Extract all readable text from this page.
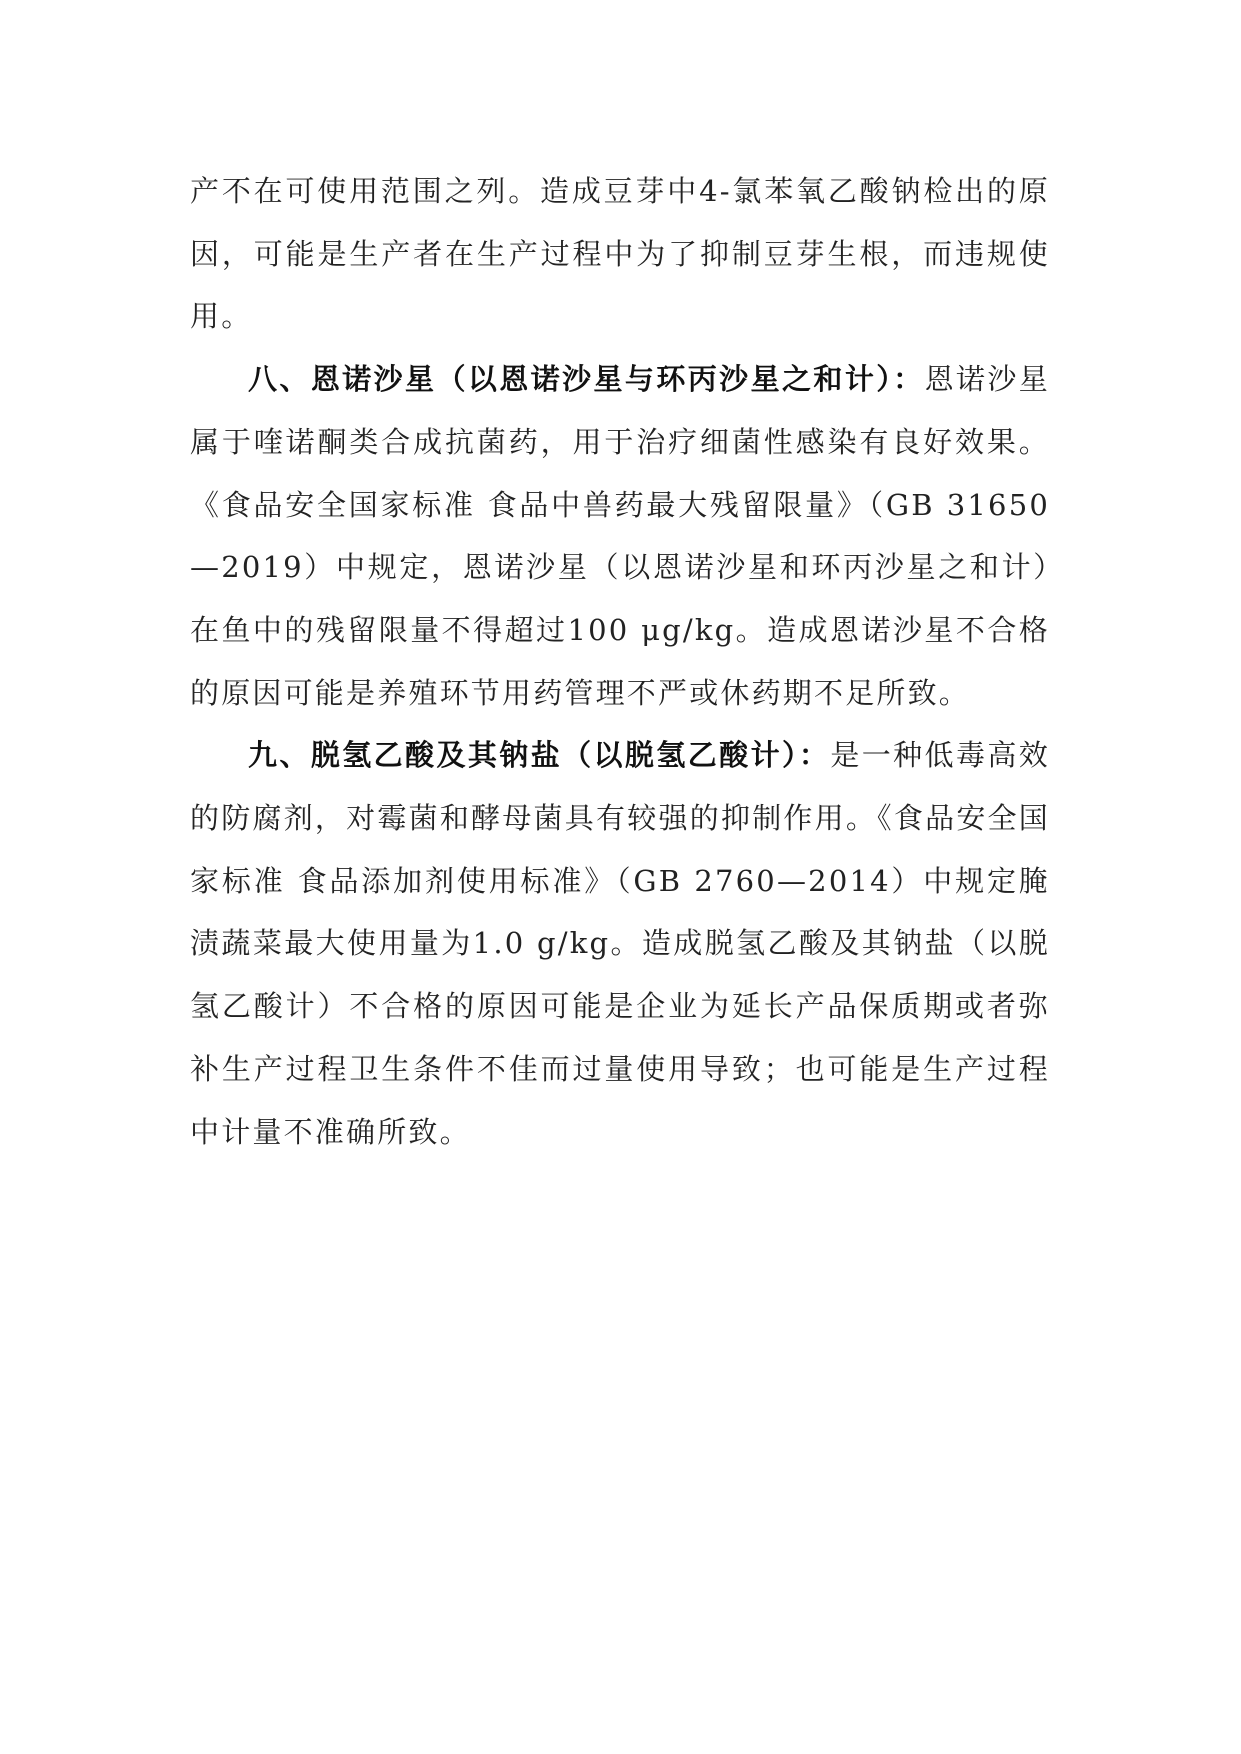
产不在可使用范围之列。造成豆芽中4-氯苯氧乙酸钠检出的原因，可能是生产者在生产过程中为了抑制豆芽生根，而违规使用。

八、恩诺沙星（以恩诺沙星与环丙沙星之和计）：恩诺沙星属于喹诺酮类合成抗菌药，用于治疗细菌性感染有良好效果。《食品安全国家标准 食品中兽药最大残留限量》（GB 31650—2019）中规定，恩诺沙星（以恩诺沙星和环丙沙星之和计）在鱼中的残留限量不得超过100 μg/kg。造成恩诺沙星不合格的原因可能是养殖环节用药管理不严或休药期不足所致。

九、脱氢乙酸及其钠盐（以脱氢乙酸计）：是一种低毒高效的防腐剂，对霉菌和酵母菌具有较强的抑制作用。《食品安全国家标准 食品添加剂使用标准》（GB 2760—2014）中规定腌渍蔬菜最大使用量为1.0 g/kg。造成脱氢乙酸及其钠盐（以脱氢乙酸计）不合格的原因可能是企业为延长产品保质期或者弥补生产过程卫生条件不佳而过量使用导致；也可能是生产过程中计量不准确所致。
